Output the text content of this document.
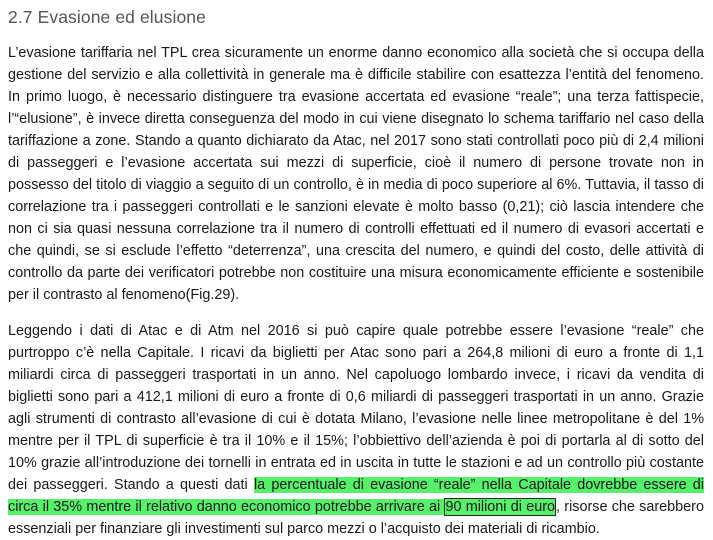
2.7 Evasione ed elusione

L’evasione tariffaria nel TPL crea sicuramente un enorme danno economico alla società che si occupa della gestione del servizio e alla collettività in generale ma è difficile stabilire con esattezza l’entità del fenomeno. In primo luogo, è necessario distinguere tra evasione accertata ed evasione “reale”; una terza fattispecie, l’“elusione”, è invece diretta conseguenza del modo in cui viene disegnato lo schema tariffario nel caso della tariffazione a zone. Stando a quanto dichiarato da Atac, nel 2017 sono stati controllati poco più di 2,4 milioni di passeggeri e l’evasione accertata sui mezzi di superficie, cioè il numero di persone trovate non in possesso del titolo di viaggio a seguito di un controllo, è in media di poco superiore al 6%. Tuttavia, il tasso di correlazione tra i passeggeri controllati e le sanzioni elevate è molto basso (0,21); ciò lascia intendere che non ci sia quasi nessuna correlazione tra il numero di controlli effettuati ed il numero di evasori accertati e che quindi, se si esclude l’effetto “deterrenza”, una crescita del numero, e quindi del costo, delle attività di controllo da parte dei verificatori potrebbe non costituire una misura economicamente efficiente e sostenibile per il contrasto al fenomeno(Fig.29).

Leggendo i dati di Atac e di Atm nel 2016 si può capire quale potrebbe essere l’evasione “reale” che purtroppo c’è nella Capitale. I ricavi da biglietti per Atac sono pari a 264,8 milioni di euro a fronte di 1,1 miliardi circa di passeggeri trasportati in un anno. Nel capoluogo lombardo invece, i ricavi da vendita di biglietti sono pari a 412,1 milioni di euro a fronte di 0,6 miliardi di passeggeri trasportati in un anno. Grazie agli strumenti di contrasto all’evasione di cui è dotata Milano, l’evasione nelle linee metropolitane è del 1% mentre per il TPL di superficie è tra il 10% e il 15%; l’obbiettivo dell’azienda è poi di portarla al di sotto del 10% grazie all’introduzione dei tornelli in entrata ed in uscita in tutte le stazioni e ad un controllo più costante dei passeggeri. Stando a questi dati la percentuale di evasione “reale” nella Capitale dovrebbe essere di circa il 35% mentre il relativo danno economico potrebbe arrivare ai 90 milioni di euro, risorse che sarebbero essenziali per finanziare gli investimenti sul parco mezzi o l’acquisto dei materiali di ricambio.
